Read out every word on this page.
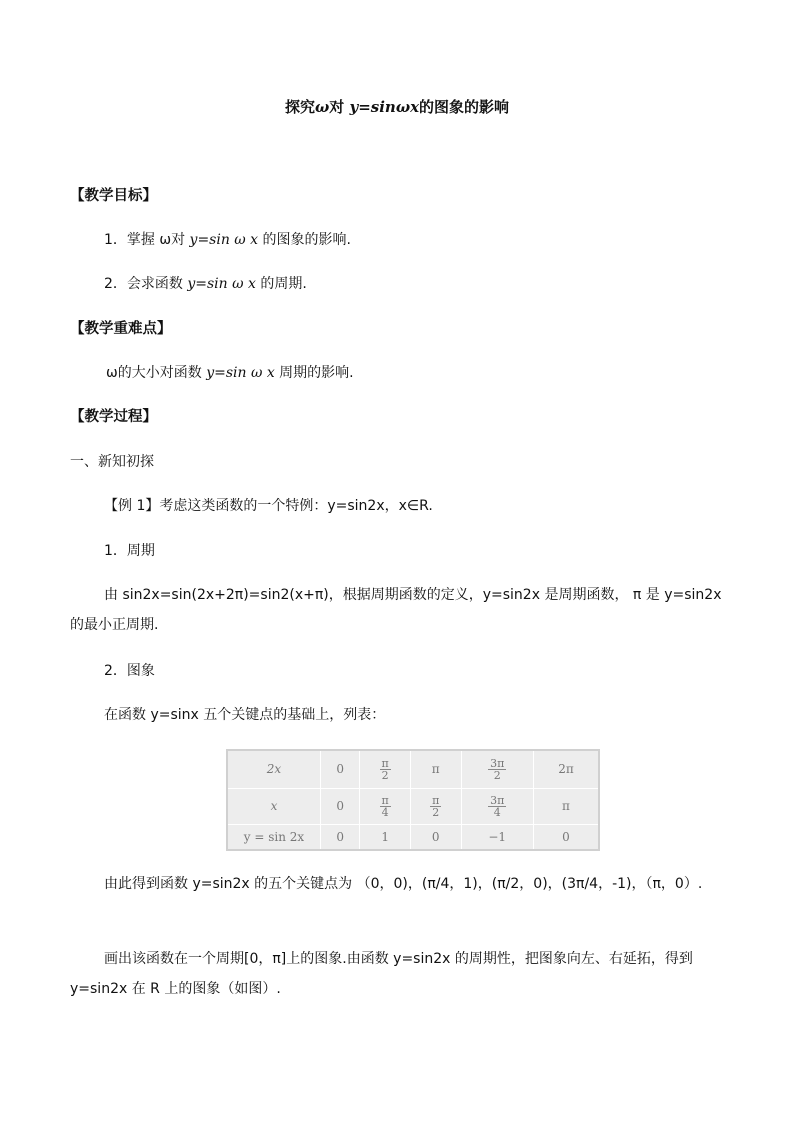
探究ω对 y=sinωx的图象的影响
【教学目标】
1．掌握 ω对 y=sin ω x 的图象的影响.
2．会求函数 y=sin ω x 的周期.
【教学重难点】
ω的大小对函数 y=sin ω x 周期的影响.
【教学过程】
一、新知初探
【例 1】考虑这类函数的一个特例：y=sin2x，x∈R.
1．周期
由 sin2x=sin(2x+2π)=sin2(x+π)，根据周期函数的定义，y=sin2x 是周期函数， π 是 y=sin2x 的最小正周期.
2．图象
在函数 y=sinx 五个关键点的基础上，列表：
2x	0	$\frac{\pi}{2}$	π	$\frac{3\pi}{2}$	2π
x	0	$\frac{\pi}{4}$	$\frac{\pi}{2}$	$\frac{3\pi}{4}$	π
y = sin 2x	0	1	0	−1	0
由此得到函数 y=sin2x 的五个关键点为 （0，0)，(π/4，1)，(π/2，0)，(3π/4，-1)，（π，0）.
画出该函数在一个周期[0，π]上的图象.由函数 y=sin2x 的周期性，把图象向左、右延拓，得到 y=sin2x 在 R 上的图象（如图）.
